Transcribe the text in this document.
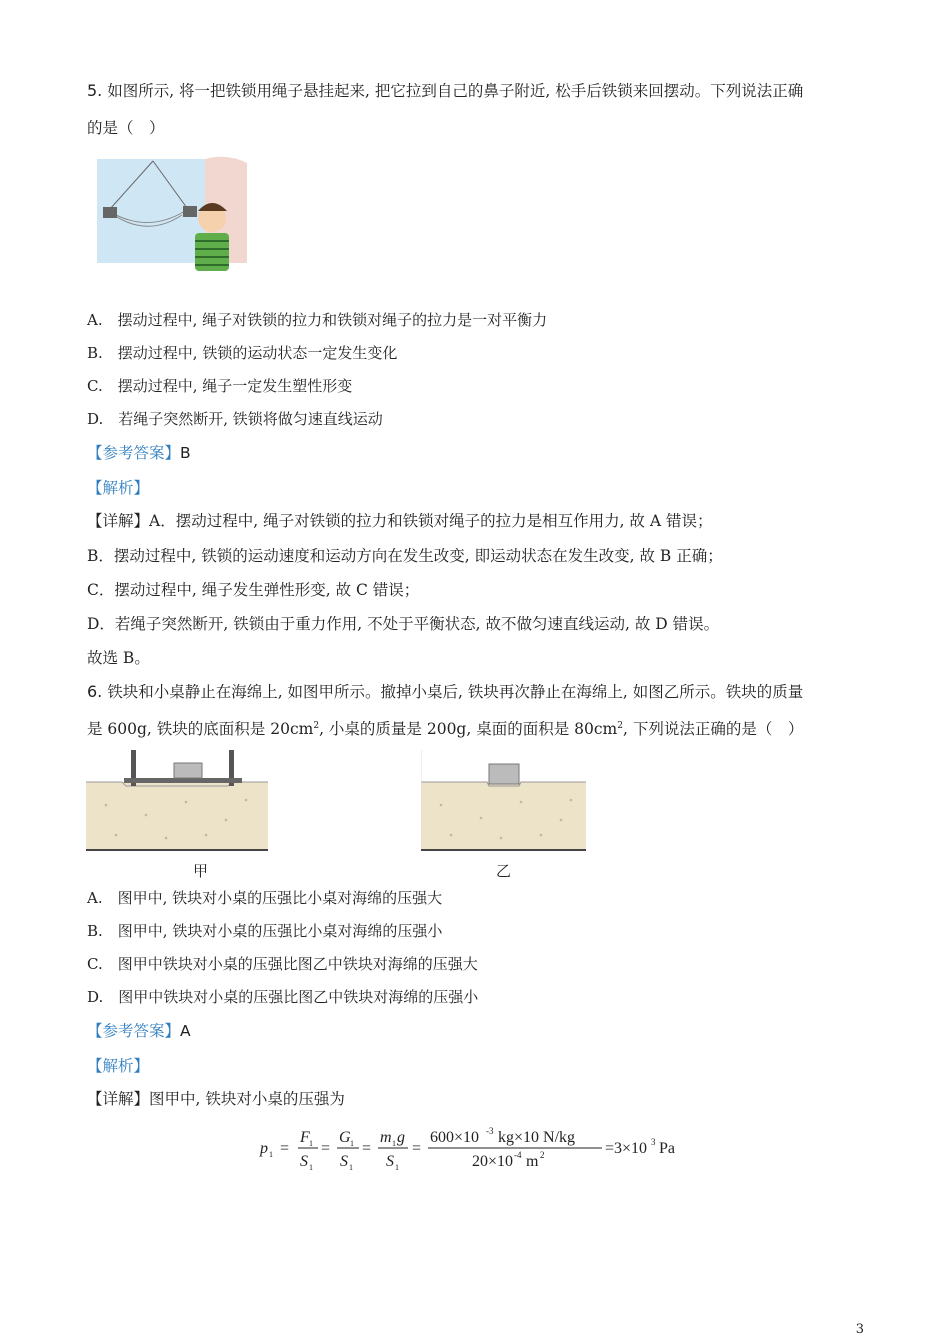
5. 如图所示, 将一把铁锁用绳子悬挂起来, 把它拉到自己的鼻子附近, 松手后铁锁来回摆动。下列说法正确
的是（　）
A.　摆动过程中, 绳子对铁锁的拉力和铁锁对绳子的拉力是一对平衡力
B.　摆动过程中, 铁锁的运动状态一定发生变化
C.　摆动过程中, 绳子一定发生塑性形变
D.　若绳子突然断开, 铁锁将做匀速直线运动
【参考答案】B
【解析】
【详解】A．摆动过程中, 绳子对铁锁的拉力和铁锁对绳子的拉力是相互作用力, 故 A 错误；
B．摆动过程中, 铁锁的运动速度和运动方向在发生改变, 即运动状态在发生改变, 故 B 正确；
C．摆动过程中, 绳子发生弹性形变, 故 C 错误；
D．若绳子突然断开, 铁锁由于重力作用, 不处于平衡状态, 故不做匀速直线运动, 故 D 错误。
故选 B。
6. 铁块和小桌静止在海绵上, 如图甲所示。撤掉小桌后, 铁块再次静止在海绵上, 如图乙所示。铁块的质量
是 600g, 铁块的底面积是 $20cm^2$, 小桌的质量是 200g, 桌面的面积是 $80cm^2$, 下列说法正确的是（　）
甲	乙
A.　图甲中, 铁块对小桌的压强比小桌对海绵的压强大
B.　图甲中, 铁块对小桌的压强比小桌对海绵的压强小
C.　图甲中铁块对小桌的压强比图乙中铁块对海绵的压强大
D.　图甲中铁块对小桌的压强比图乙中铁块对海绵的压强小
【参考答案】A
【解析】
【详解】图甲中, 铁块对小桌的压强为
p 1 =
F 1
S 1
=
G 1
S 1
=
m 1 g
S 1
=
600×10 -3 kg×10 N/kg
20×10 -4 m 2	=3×10 3 Pa
3
